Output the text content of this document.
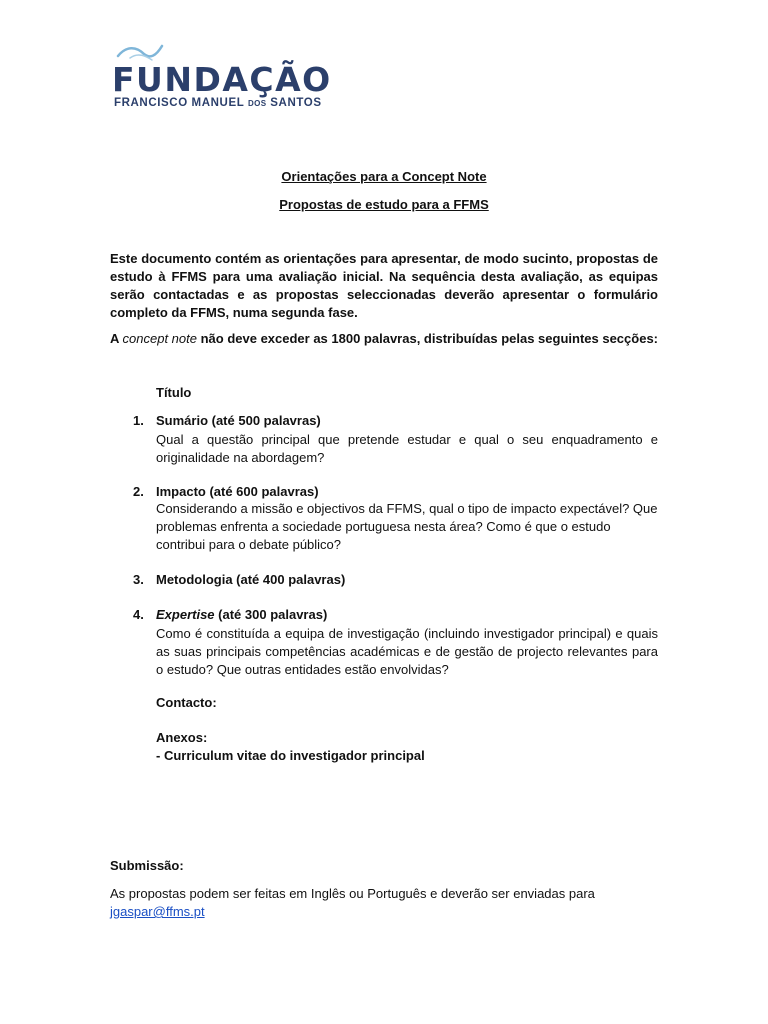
FUNDAÇÃO
FRANCISCO MANUEL DOS SANTOS
Orientações para a Concept Note
Propostas de estudo para a FFMS
Este documento contém as orientações para apresentar, de modo sucinto, propostas de estudo à FFMS para uma avaliação inicial. Na sequência desta avaliação, as equipas serão contactadas e as propostas seleccionadas deverão apresentar o formulário completo da FFMS, numa segunda fase.
A concept note não deve exceder as 1800 palavras, distribuídas pelas seguintes secções:
Título
1. Sumário (até 500 palavras)
Qual a questão principal que pretende estudar e qual o seu enquadramento e originalidade na abordagem?
2. Impacto (até 600 palavras)
Considerando a missão e objectivos da FFMS, qual o tipo de impacto expectável? Que problemas enfrenta a sociedade portuguesa nesta área? Como é que o estudo contribui para o debate público?
3. Metodologia (até 400 palavras)
4. Expertise (até 300 palavras)
Como é constituída a equipa de investigação (incluindo investigador principal) e quais as suas principais competências académicas e de gestão de projecto relevantes para o estudo? Que outras entidades estão envolvidas?
Contacto:
Anexos:
- Curriculum vitae do investigador principal
Submissão:
As propostas podem ser feitas em Inglês ou Português e deverão ser enviadas para
jgaspar@ffms.pt
